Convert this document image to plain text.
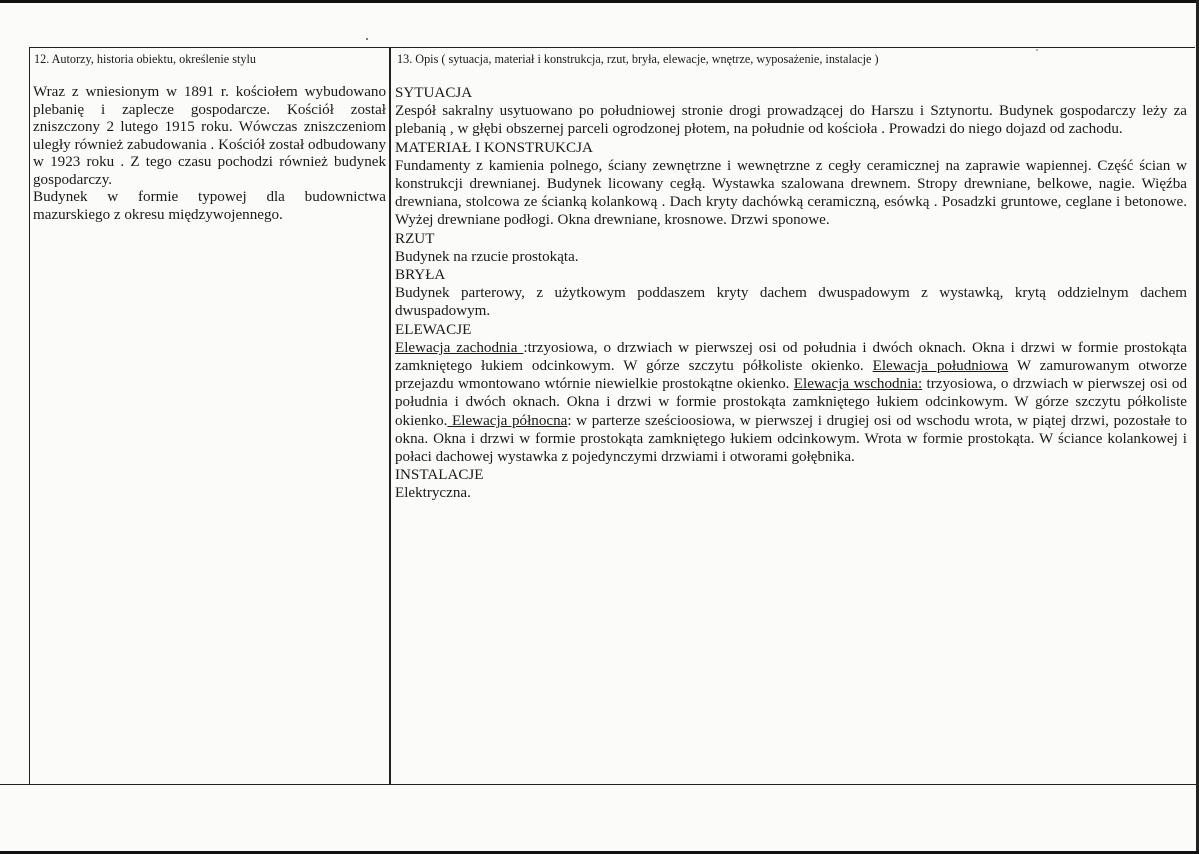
12. Autorzy, historia obiektu, określenie stylu

Wraz z wniesionym w 1891 r. kościołem wybudowano plebanię i zaplecze gospodarcze. Kościół został zniszczony 2 lutego 1915 roku. Wówczas zniszczeniom uległy również zabudowania . Kościół został odbudowany w 1923 roku . Z tego czasu pochodzi również budynek gospodarczy.

Budynek w formie typowej dla budownictwa mazurskiego z okresu międzywojennego.

13. Opis ( sytuacja, materiał i konstrukcja, rzut, bryła, elewacje, wnętrze, wyposażenie, instalacje )

SYTUACJA

Zespół sakralny usytuowano po południowej stronie drogi prowadzącej do Harszu i Sztynortu. Budynek gospodarczy leży za plebanią , w głębi obszernej parceli ogrodzonej płotem, na południe od kościoła . Prowadzi do niego dojazd od zachodu.

MATERIAŁ I KONSTRUKCJA

Fundamenty z kamienia polnego, ściany zewnętrzne i wewnętrzne z cegły ceramicznej na zaprawie wapiennej. Część ścian w konstrukcji drewnianej. Budynek licowany cegłą. Wystawka szalowana drewnem. Stropy drewniane, belkowe, nagie. Więźba drewniana, stolcowa ze ścianką kolankową . Dach kryty dachówką ceramiczną, esówką . Posadzki gruntowe, ceglane i betonowe. Wyżej drewniane podłogi. Okna drewniane, krosnowe. Drzwi sponowe.

RZUT

Budynek na rzucie prostokąta.

BRYŁA

Budynek parterowy, z użytkowym poddaszem kryty dachem dwuspadowym z wystawką, krytą oddzielnym dachem dwuspadowym.

ELEWACJE

Elewacja zachodnia :trzyosiowa, o drzwiach w pierwszej osi od południa i dwóch oknach. Okna i drzwi w formie prostokąta zamkniętego łukiem odcinkowym. W górze szczytu półkoliste okienko. Elewacja południowa W zamurowanym otworze przejazdu wmontowano wtórnie niewielkie prostokątne okienko. Elewacja wschodnia: trzyosiowa, o drzwiach w pierwszej osi od południa i dwóch oknach. Okna i drzwi w formie prostokąta zamkniętego łukiem odcinkowym. W górze szczytu półkoliste okienko. Elewacja północna: w parterze sześcioosiowa, w pierwszej i drugiej osi od wschodu wrota, w piątej drzwi, pozostałe to okna. Okna i drzwi w formie prostokąta zamkniętego łukiem odcinkowym. Wrota w formie prostokąta. W ściance kolankowej i połaci dachowej wystawka z pojedynczymi drzwiami i otworami gołębnika.

INSTALACJE

Elektryczna.
